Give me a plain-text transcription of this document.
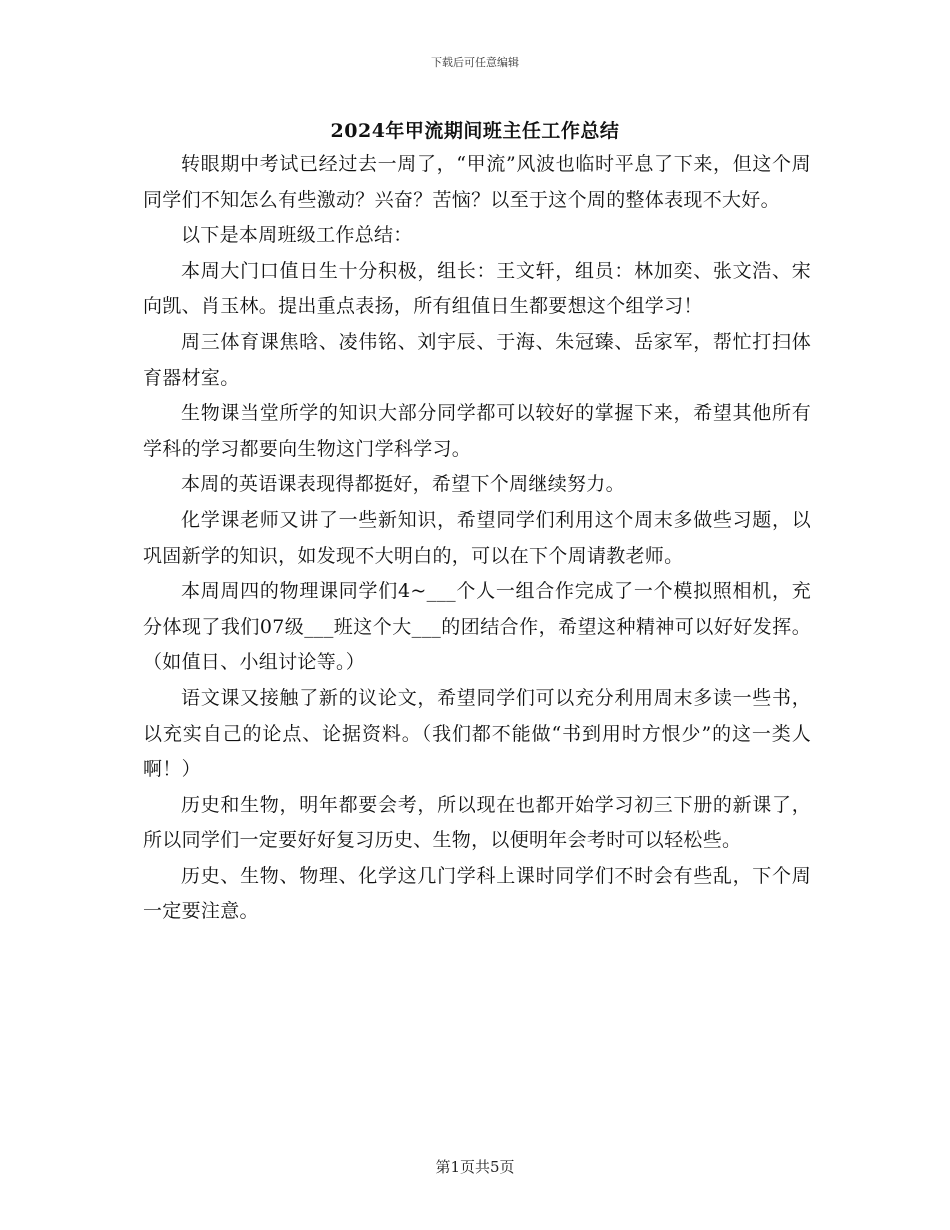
下载后可任意编辑
2024年甲流期间班主任工作总结

转眼期中考试已经过去一周了，“甲流”风波也临时平息了下来，但这个周同学们不知怎么有些激动？兴奋？苦恼？以至于这个周的整体表现不大好。

以下是本周班级工作总结：

本周大门口值日生十分积极，组长：王文轩，组员：林加奕、张文浩、宋向凯、肖玉林。提出重点表扬，所有组值日生都要想这个组学习！

周三体育课焦晗、凌伟铭、刘宇辰、于海、朱冠臻、岳家军，帮忙打扫体育器材室。

生物课当堂所学的知识大部分同学都可以较好的掌握下来，希望其他所有学科的学习都要向生物这门学科学习。

本周的英语课表现得都挺好，希望下个周继续努力。

化学课老师又讲了一些新知识，希望同学们利用这个周末多做些习题，以巩固新学的知识，如发现不大明白的，可以在下个周请教老师。

本周周四的物理课同学们4~___个人一组合作完成了一个模拟照相机，充分体现了我们07级___班这个大___的团结合作，希望这种精神可以好好发挥。（如值日、小组讨论等。）

语文课又接触了新的议论文，希望同学们可以充分利用周末多读一些书，以充实自己的论点、论据资料。（我们都不能做“书到用时方恨少”的这一类人啊！）

历史和生物，明年都要会考，所以现在也都开始学习初三下册的新课了，所以同学们一定要好好复习历史、生物，以便明年会考时可以轻松些。

历史、生物、物理、化学这几门学科上课时同学们不时会有些乱，下个周一定要注意。

第1页共5页
